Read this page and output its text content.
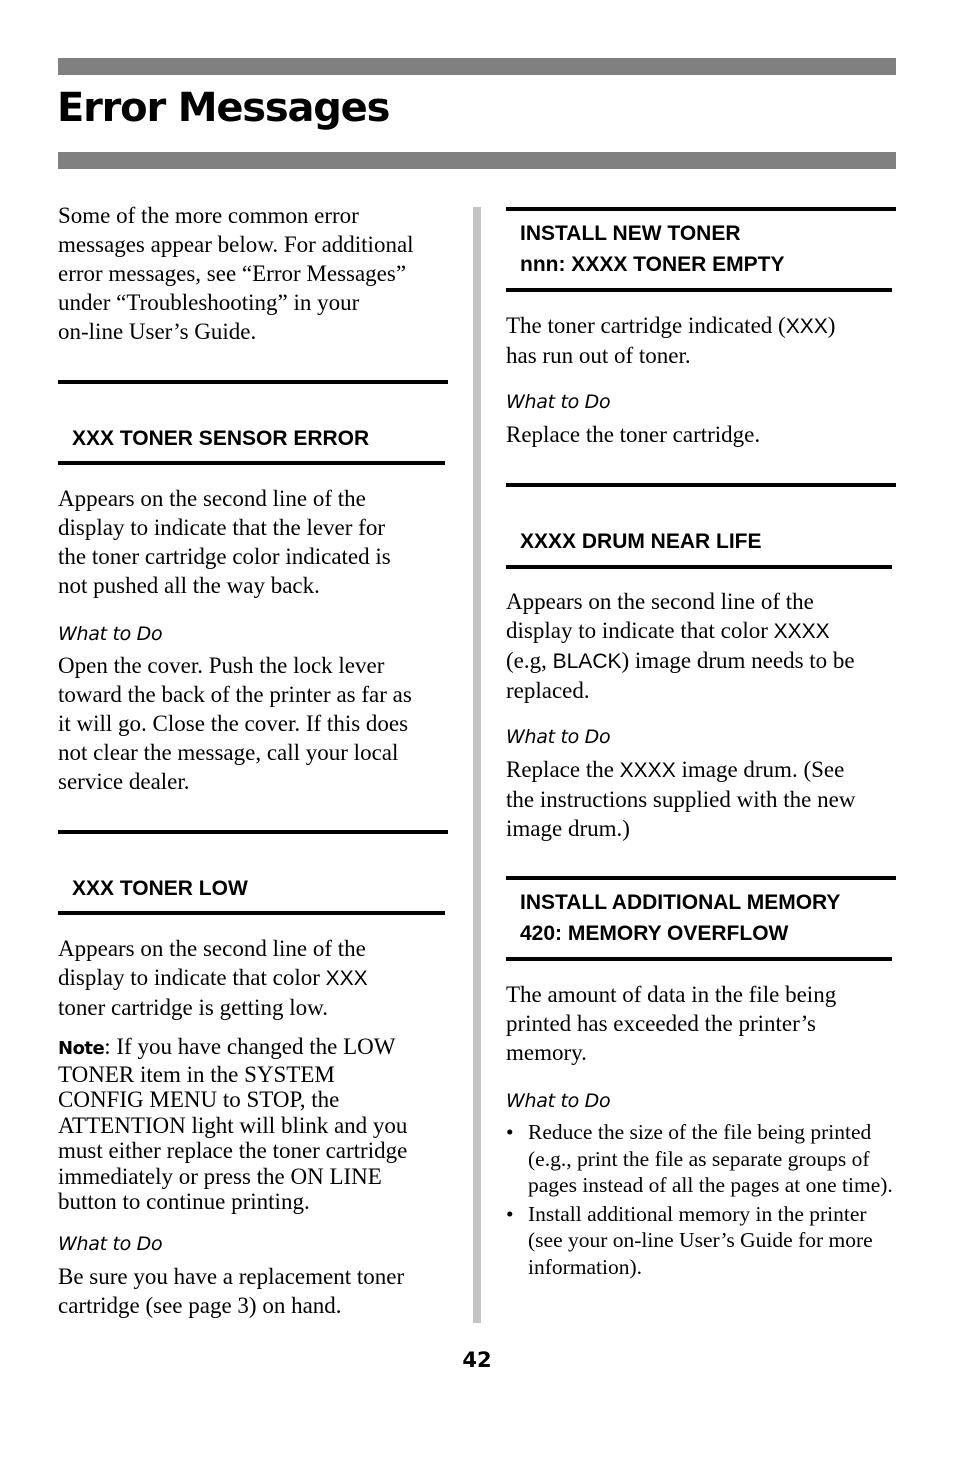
Error Messages
Some of the more common error
messages appear below. For additional
error messages, see “Error Messages”
under “Troubleshooting” in your
on-line User’s Guide.
XXX TONER SENSOR ERROR
Appears on the second line of the
display to indicate that the lever for
the toner cartridge color indicated is
not pushed all the way back.
What to Do
Open the cover. Push the lock lever
toward the back of the printer as far as
it will go. Close the cover. If this does
not clear the message, call your local
service dealer.
XXX TONER LOW
Appears on the second line of the
display to indicate that color XXX
toner cartridge is getting low.
Note: If you have changed the LOW
TONER item in the SYSTEM
CONFIG MENU to STOP, the
ATTENTION light will blink and you
must either replace the toner cartridge
immediately or press the ON LINE
button to continue printing.
What to Do
Be sure you have a replacement toner
cartridge (see page 3) on hand.
INSTALL NEW TONER
nnn: XXXX TONER EMPTY
The toner cartridge indicated (XXX)
has run out of toner.
What to Do
Replace the toner cartridge.
XXXX DRUM NEAR LIFE
Appears on the second line of the
display to indicate that color XXXX
(e.g, BLACK) image drum needs to be
replaced.
What to Do
Replace the XXXX image drum. (See
the instructions supplied with the new
image drum.)
INSTALL ADDITIONAL MEMORY
420: MEMORY OVERFLOW
The amount of data in the file being
printed has exceeded the printer’s
memory.
What to Do
• Reduce the size of the file being printed (e.g., print the file as separate groups of pages instead of all the pages at one time).
• Install additional memory in the printer (see your on-line User’s Guide for more information).
42
